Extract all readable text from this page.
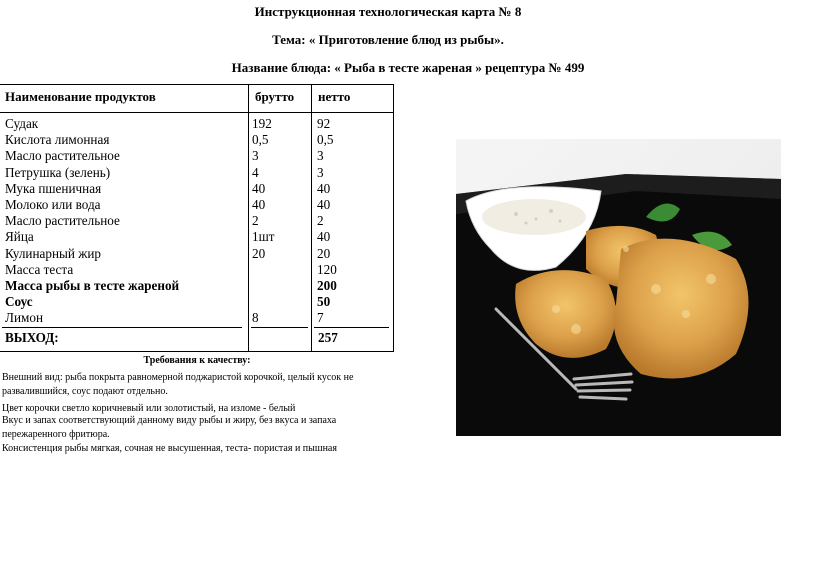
Инструкционная технологическая карта № 8
Тема: « Приготовление блюд из рыбы».
Название блюда: « Рыба в тесте жареная » рецептура № 499
Наименование продуктов	брутто нетто
Судак
Кислота лимонная
Масло растительное
Петрушка (зелень)
Мука пшеничная
Молоко или вода
Масло растительное
Яйца
Кулинарный жир
Масса теста
Масса рыбы в тесте жареной
Соус
Лимон
192
0,5
3
4
40
40
2
1шт
20
8
92
0,5
3
3
40
40
2
40
20
120
200
50
7
ВЫХОД:	257
Требования к качеству:
Внешний вид: рыба покрыта равномерной поджаристой корочкой, целый кусок не
развалившийся, соус подают отдельно.
Цвет корочки светло коричневый или золотистый, на изломе - белый
Вкус и запах соответствующий данному виду рыбы и жиру, без вкуса и запаха
пережаренного фритюра.
Консистенция рыбы мягкая, сочная не высушенная, теста- пористая и пышная
